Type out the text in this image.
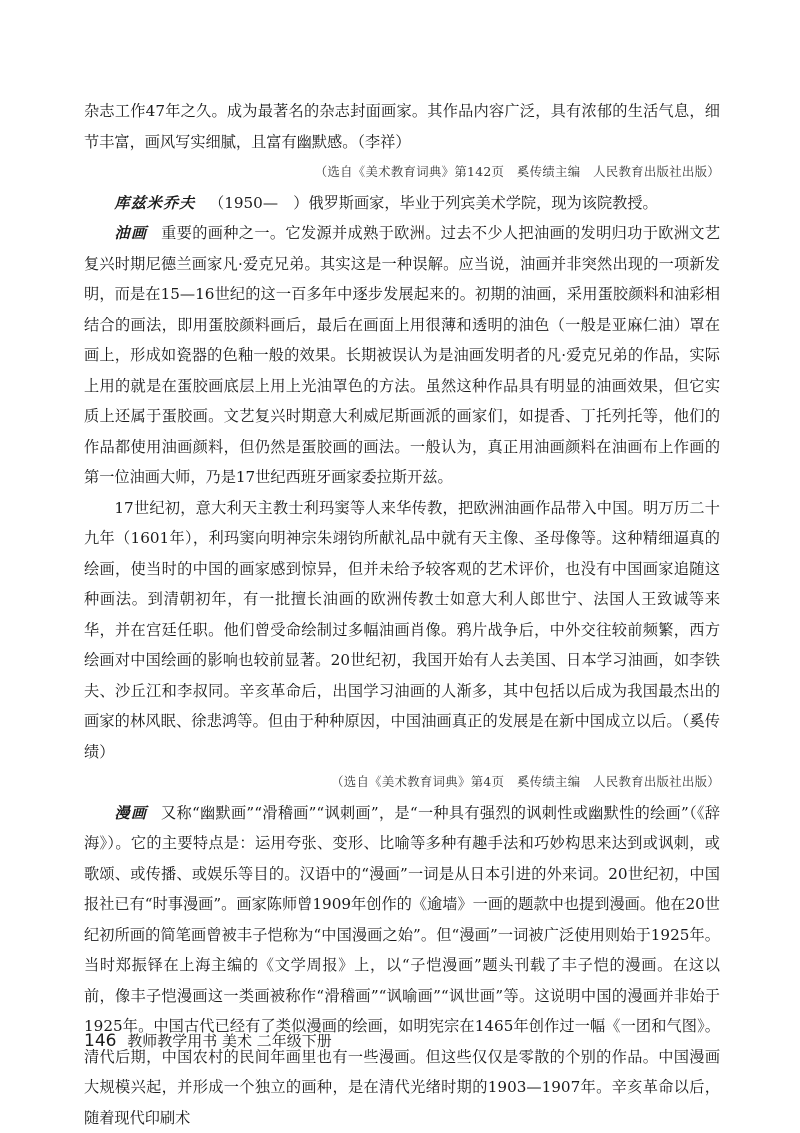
杂志工作47年之久。成为最著名的杂志封面画家。其作品内容广泛，具有浓郁的生活气息，细节丰富，画风写实细腻，且富有幽默感。（李祥）

（选自《美术教育词典》第142页　奚传绩主编　人民教育出版社出版）

库兹米乔夫 （1950—　）俄罗斯画家，毕业于列宾美术学院，现为该院教授。

油画 重要的画种之一。它发源并成熟于欧洲。过去不少人把油画的发明归功于欧洲文艺复兴时期尼德兰画家凡·爱克兄弟。其实这是一种误解。应当说，油画并非突然出现的一项新发明，而是在15—16世纪的这一百多年中逐步发展起来的。初期的油画，采用蛋胶颜料和油彩相结合的画法，即用蛋胶颜料画后，最后在画面上用很薄和透明的油色（一般是亚麻仁油）罩在画上，形成如瓷器的色釉一般的效果。长期被误认为是油画发明者的凡·爱克兄弟的作品，实际上用的就是在蛋胶画底层上用上光油罩色的方法。虽然这种作品具有明显的油画效果，但它实质上还属于蛋胶画。文艺复兴时期意大利威尼斯画派的画家们，如提香、丁托列托等，他们的作品都使用油画颜料，但仍然是蛋胶画的画法。一般认为，真正用油画颜料在油画布上作画的第一位油画大师，乃是17世纪西班牙画家委拉斯开兹。

17世纪初，意大利天主教士利玛窦等人来华传教，把欧洲油画作品带入中国。明万历二十九年（1601年），利玛窦向明神宗朱翊钧所献礼品中就有天主像、圣母像等。这种精细逼真的绘画，使当时的中国的画家感到惊异，但并未给予较客观的艺术评价，也没有中国画家追随这种画法。到清朝初年，有一批擅长油画的欧洲传教士如意大利人郎世宁、法国人王致诚等来华，并在宫廷任职。他们曾受命绘制过多幅油画肖像。鸦片战争后，中外交往较前频繁，西方绘画对中国绘画的影响也较前显著。20世纪初，我国开始有人去美国、日本学习油画，如李铁夫、沙丘江和李叔同。辛亥革命后，出国学习油画的人渐多，其中包括以后成为我国最杰出的画家的林风眠、徐悲鸿等。但由于种种原因，中国油画真正的发展是在新中国成立以后。（奚传绩）

（选自《美术教育词典》第4页　奚传绩主编　人民教育出版社出版）

漫画 又称“幽默画”“滑稽画”“讽刺画”，是“一种具有强烈的讽刺性或幽默性的绘画”（《辞海》）。它的主要特点是：运用夸张、变形、比喻等多种有趣手法和巧妙构思来达到或讽刺，或歌颂、或传播、或娱乐等目的。汉语中的“漫画”一词是从日本引进的外来词。20世纪初，中国报社已有“时事漫画”。画家陈师曾1909年创作的《逾墙》一画的题款中也提到漫画。他在20世纪初所画的简笔画曾被丰子恺称为“中国漫画之始”。但“漫画”一词被广泛使用则始于1925年。当时郑振铎在上海主编的《文学周报》上，以“子恺漫画”题头刊载了丰子恺的漫画。在这以前，像丰子恺漫画这一类画被称作“滑稽画”“讽喻画”“讽世画”等。这说明中国的漫画并非始于1925年。中国古代已经有了类似漫画的绘画，如明宪宗在1465年创作过一幅《一团和气图》。清代后期，中国农村的民间年画里也有一些漫画。但这些仅仅是零散的个别的作品。中国漫画大规模兴起，并形成一个独立的画种，是在清代光绪时期的1903—1907年。辛亥革命以后，随着现代印刷术

146 教师教学用书 美术 二年级下册
